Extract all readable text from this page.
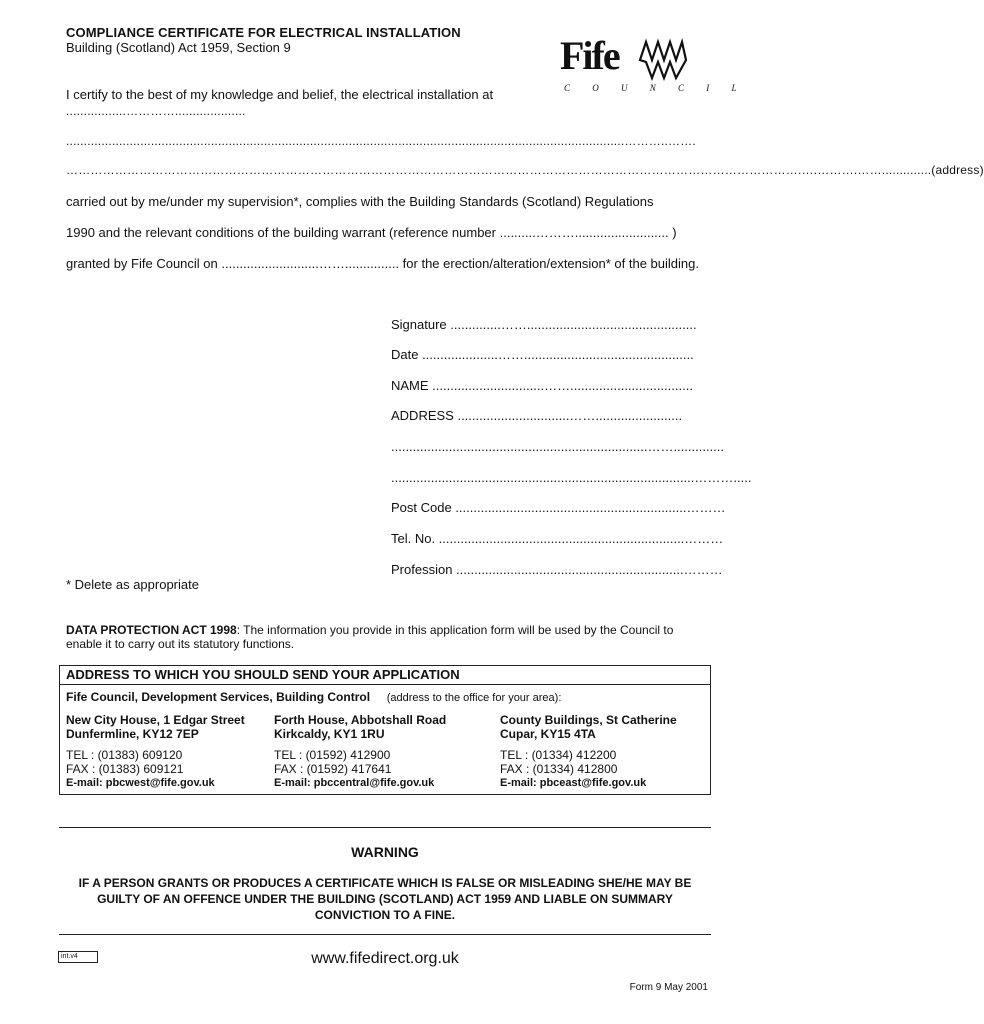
COMPLIANCE CERTIFICATE FOR ELECTRICAL INSTALLATION
Building (Scotland) Act 1959, Section 9	Fife
C O U N C I L
I certify to the best of my knowledge and belief, the electrical installation at
.................…………....................
..............................................................................................................................................................………..…….
……………………………………………………………………………………………………………………………………………………………….….……….……..............(address)
carried out by me/under my supervision*, complies with the Building Standards (Scotland) Regulations
1990 and the relevant conditions of the building warrant (reference number ..........……….......................... )
granted by Fife Council on ...........................……............... for the erection/alteration/extension* of the building.
Signature ..............……...............................................
Date .....................……...............................................
NAME ...............................……..................................
ADDRESS ...............................……........................
.......................................................................……..............
....................................................................................……….....
Post Code ................................................................………
Tel. No. ....................................................................………
Profession ...............................................................………
* Delete as appropriate
DATA PROTECTION ACT 1998: The information you provide in this application form will be used by the Council to enable it to carry out its statutory functions.
ADDRESS TO WHICH YOU SHOULD SEND YOUR APPLICATION
Fife Council, Development Services, Building Control (address to the office for your area):
New City House, 1 Edgar Street
Dunfermline, KY12 7EP
TEL : (01383) 609120
FAX : (01383) 609121
E-mail: pbcwest@fife.gov.uk
Forth House, Abbotshall Road
Kirkcaldy, KY1 1RU
TEL : (01592) 412900
FAX : (01592) 417641
E-mail: pbccentral@fife.gov.uk
County Buildings, St Catherine
Cupar, KY15 4TA
TEL : (01334) 412200
FAX : (01334) 412800
E-mail: pbceast@fife.gov.uk
WARNING
IF A PERSON GRANTS OR PRODUCES A CERTIFICATE WHICH IS FALSE OR MISLEADING SHE/HE MAY BE GUILTY OF AN OFFENCE UNDER THE BUILDING (SCOTLAND) ACT 1959 AND LIABLE ON SUMMARY CONVICTION TO A FINE.
int.v4	www.fifedirect.org.uk
Form 9 May 2001
